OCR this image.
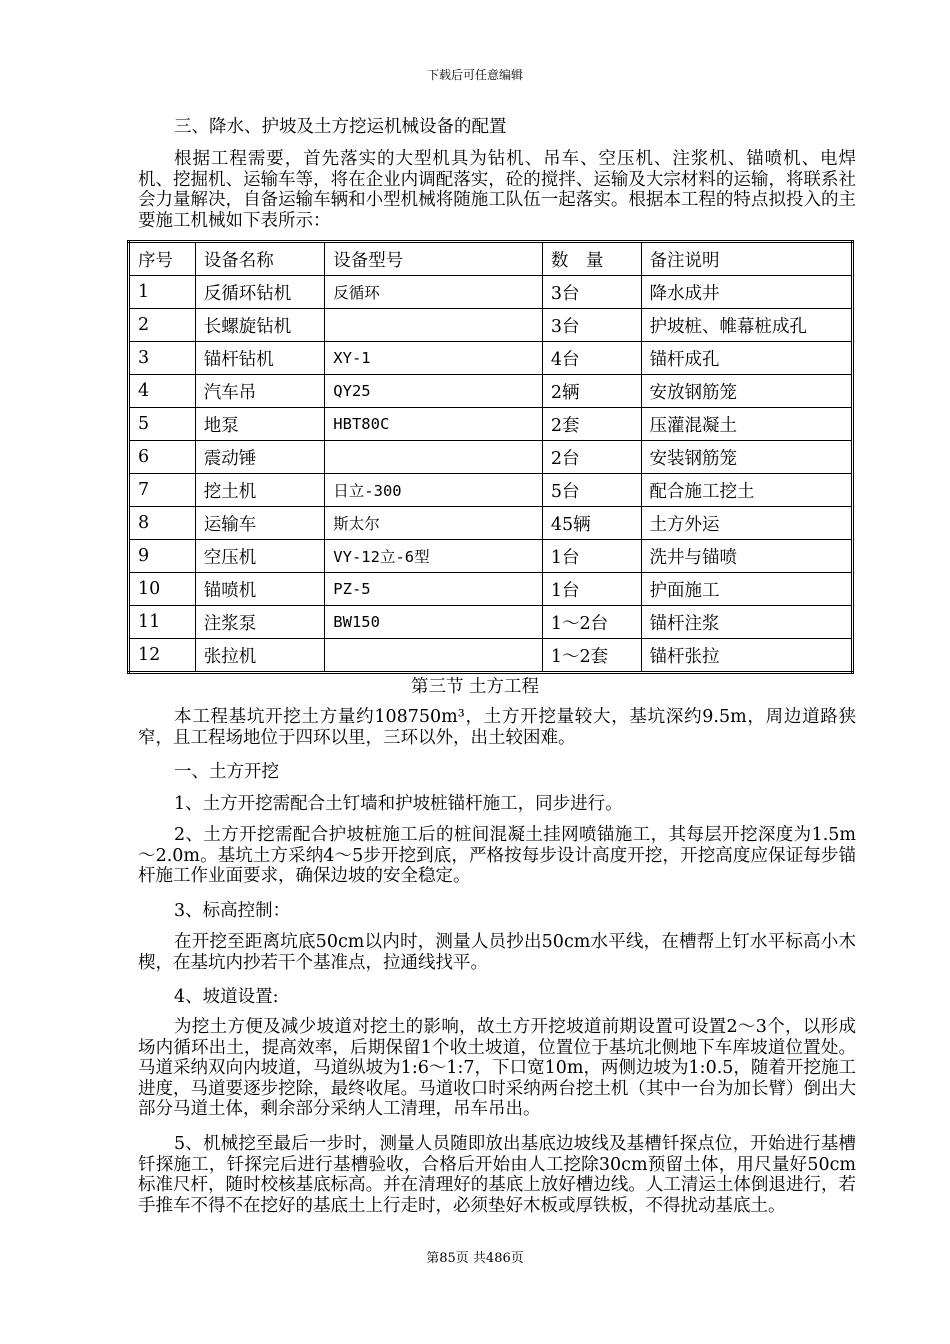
下载后可任意编辑
三、降水、护坡及土方挖运机械设备的配置

根据工程需要，首先落实的大型机具为钻机、吊车、空压机、注浆机、锚喷机、电焊机、挖掘机、运输车等，将在企业内调配落实，砼的搅拌、运输及大宗材料的运输，将联系社会力量解决，自备运输车辆和小型机械将随施工队伍一起落实。根据本工程的特点拟投入的主要施工机械如下表所示：

序号	设备名称	设备型号	数　量	备注说明
1	反循环钻机	反循环	3台	降水成井
2	长螺旋钻机		3台	护坡桩、帷幕桩成孔
3	锚杆钻机	XY-1	4台	锚杆成孔
4	汽车吊	QY25	2辆	安放钢筋笼
5	地泵	HBT80C	2套	压灌混凝土
6	震动锤		2台	安装钢筋笼
7	挖土机	日立-300	5台	配合施工挖土
8	运输车	斯太尔	45辆	土方外运
9	空压机	VY-12立-6型	1台	洗井与锚喷
10	锚喷机	PZ-5	1台	护面施工
11	注浆泵	BW150	1～2台	锚杆注浆
12	张拉机		1～2套	锚杆张拉
第三节 土方工程

本工程基坑开挖土方量约108750m³，土方开挖量较大，基坑深约9.5m，周边道路狭窄，且工程场地位于四环以里，三环以外，出土较困难。

一、土方开挖

1、土方开挖需配合土钉墙和护坡桩锚杆施工，同步进行。

2、土方开挖需配合护坡桩施工后的桩间混凝土挂网喷锚施工，其每层开挖深度为1.5m～2.0m。基坑土方采纳4～5步开挖到底，严格按每步设计高度开挖，开挖高度应保证每步锚杆施工作业面要求，确保边坡的安全稳定。

3、标高控制：

在开挖至距离坑底50cm以内时，测量人员抄出50cm水平线，在槽帮上钉水平标高小木楔，在基坑内抄若干个基准点，拉通线找平。

4、坡道设置:

为挖土方便及减少坡道对挖土的影响，故土方开挖坡道前期设置可设置2～3个，以形成场内循环出土，提高效率，后期保留1个收土坡道，位置位于基坑北侧地下车库坡道位置处。马道采纳双向内坡道，马道纵坡为1:6～1:7，下口宽10m，两侧边坡为1:0.5，随着开挖施工进度，马道要逐步挖除，最终收尾。马道收口时采纳两台挖土机（其中一台为加长臂）倒出大部分马道土体，剩余部分采纳人工清理，吊车吊出。

5、机械挖至最后一步时，测量人员随即放出基底边坡线及基槽钎探点位，开始进行基槽钎探施工，钎探完后进行基槽验收，合格后开始由人工挖除30cm预留土体，用尺量好50cm标准尺杆，随时校核基底标高。并在清理好的基底上放好槽边线。人工清运土体倒退进行，若手推车不得不在挖好的基底土上行走时，必须垫好木板或厚铁板，不得扰动基底土。

第85页 共486页
